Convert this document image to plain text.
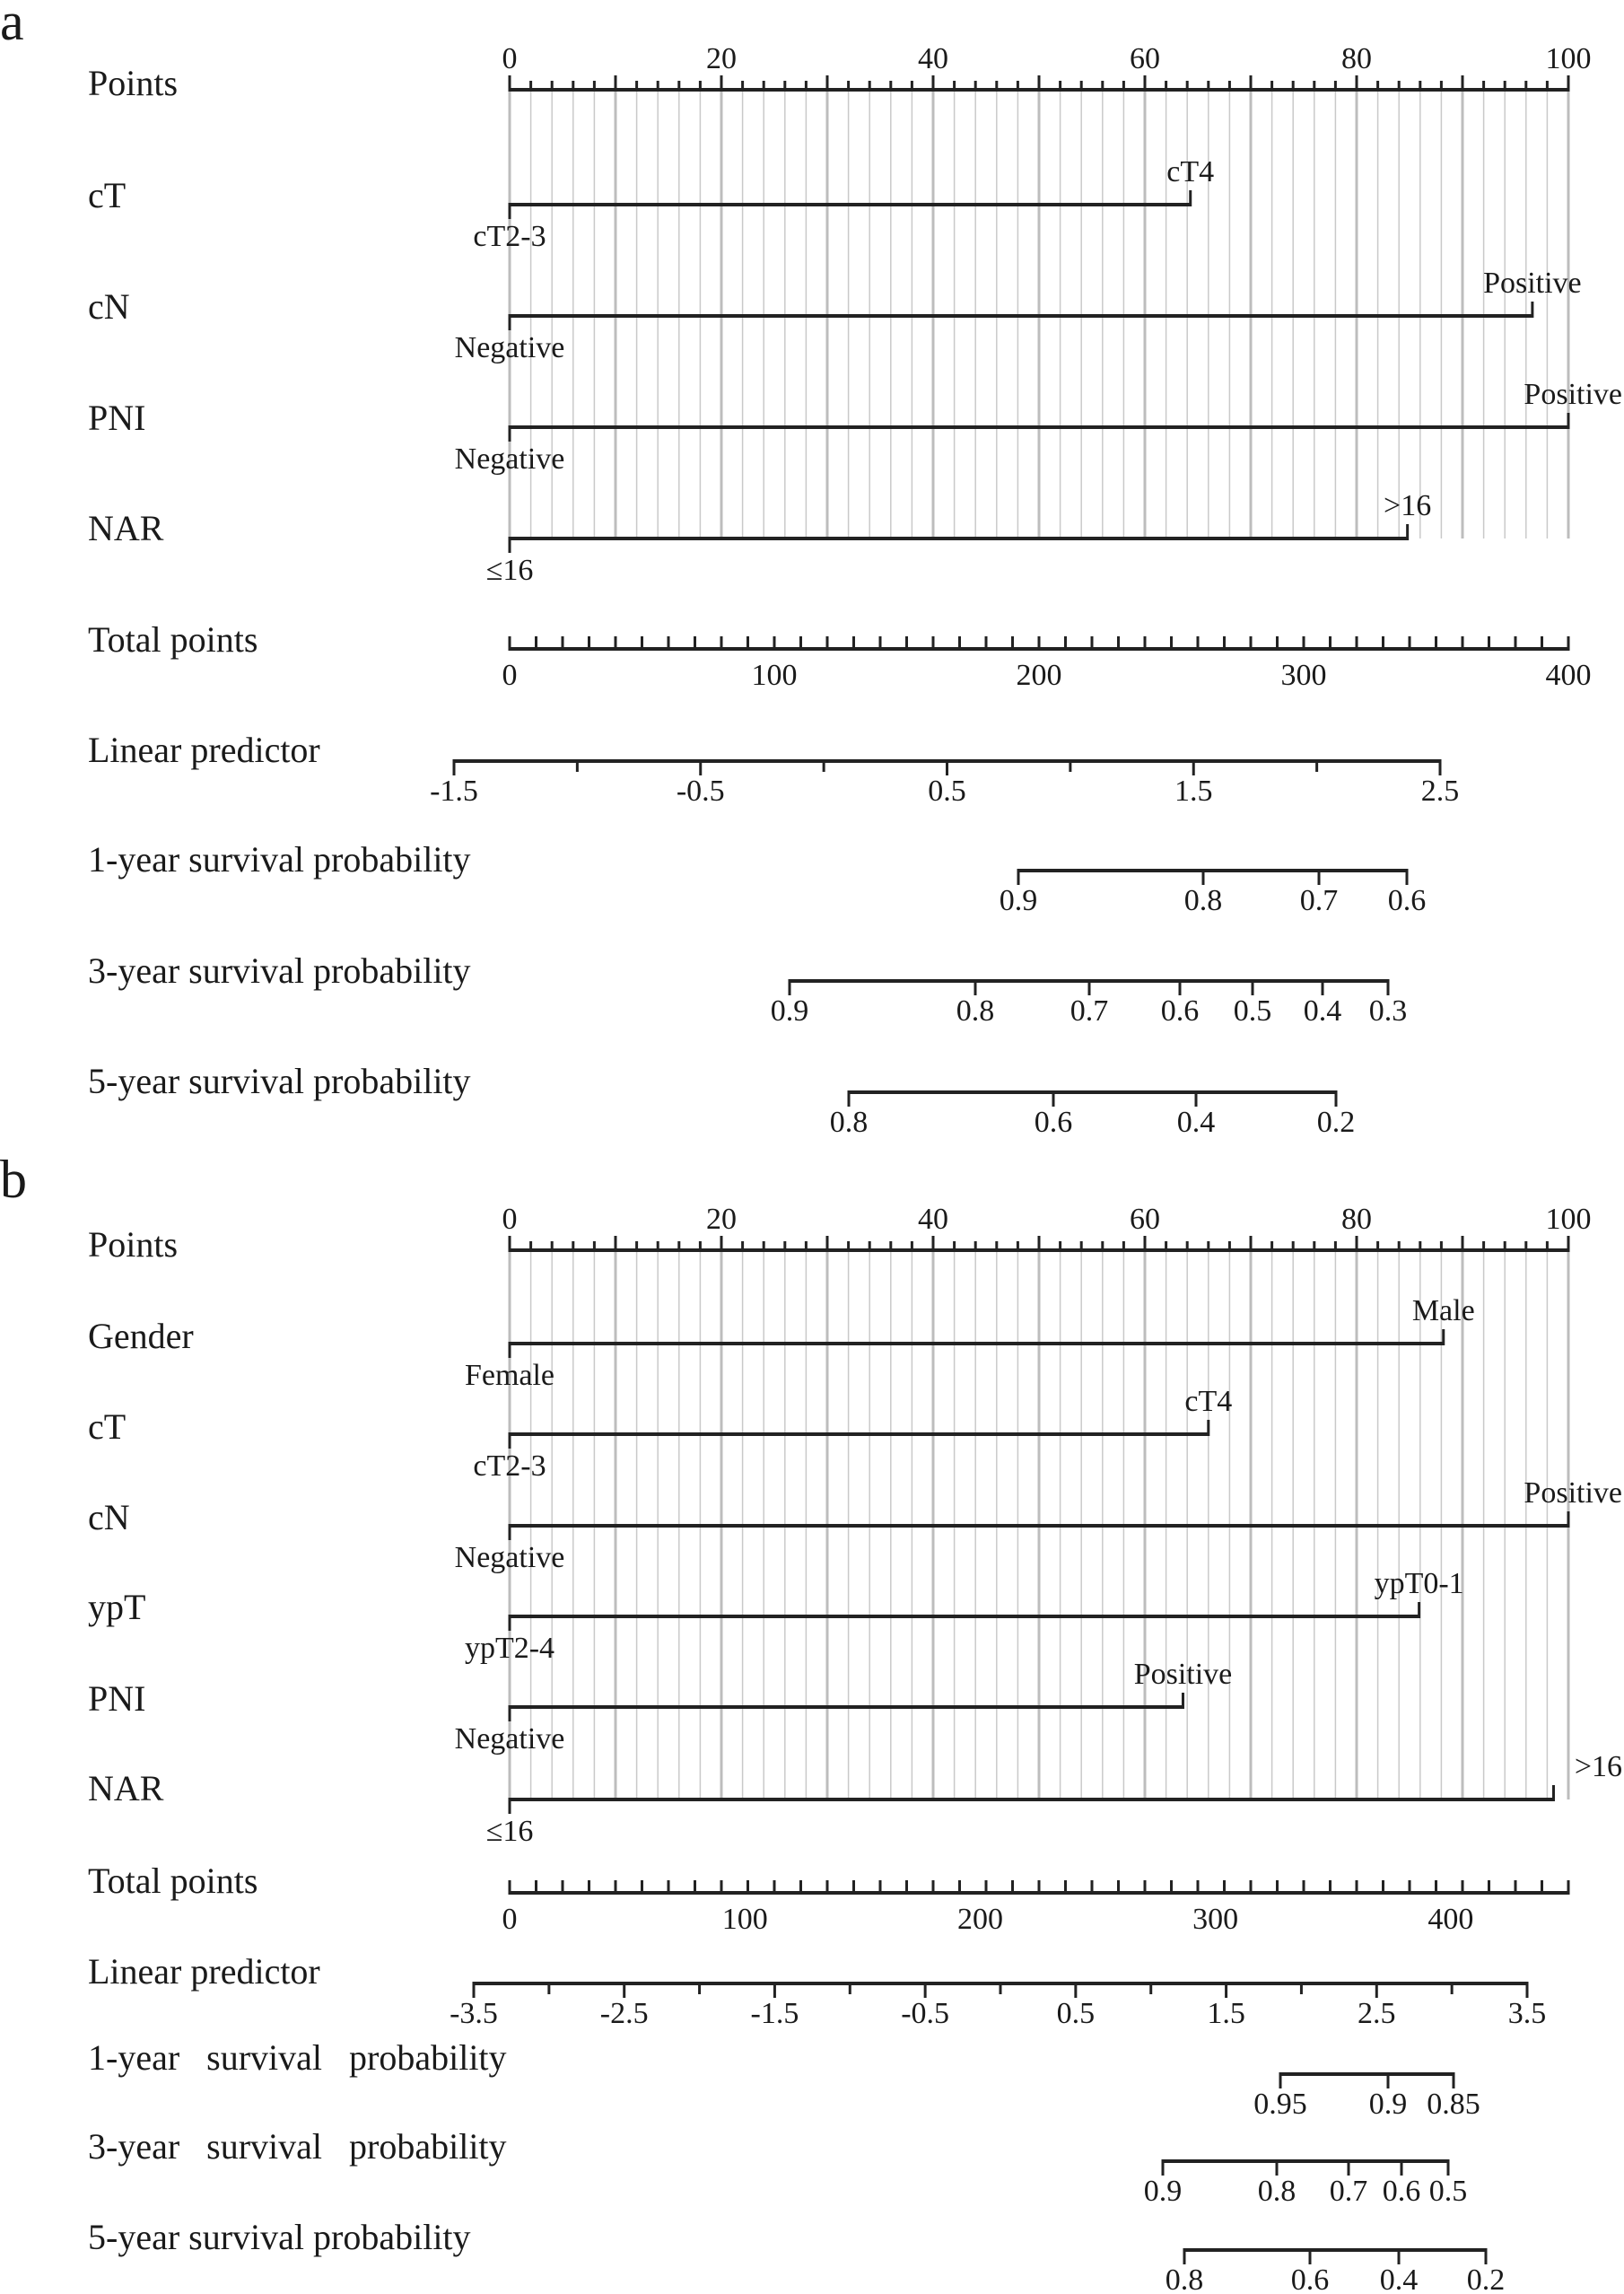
a
Points
0	20	40	60	80	100
cT
cT2-3
cT4
cN
Negative
Positive
PNI
Negative
Positive
NAR
≤16
>16
Total points
0	100	200	300	400
Linear predictor
-1.5	-0.5	0.5	1.5	2.5
1-year survival probability
0.9	0.8	0.7 0.6
3-year survival probability
0.9	0.8 0.7 0.6 0.5 0.4 0.3
5-year survival probability
0.8	0.6	0.4	0.2
b
Points
0	20	40	60	80	100
Gender
Female
Male
cT
cT2-3
cT4
cN
Negative
Positive
ypT
ypT2-4
ypT0-1
PNI
Negative
Positive
NAR
≤16
>16
Total points
0	100	200	300	400
Linear predictor
-3.5	-2.5	-1.5	-0.5	0.5	1.5	2.5	3.5
1-year   survival   probability
0.95 0.9 0.85
3-year   survival   probability
0.9 0.8 0.7 0.6 0.5
5-year survival probability
0.8	0.6 0.4 0.2
